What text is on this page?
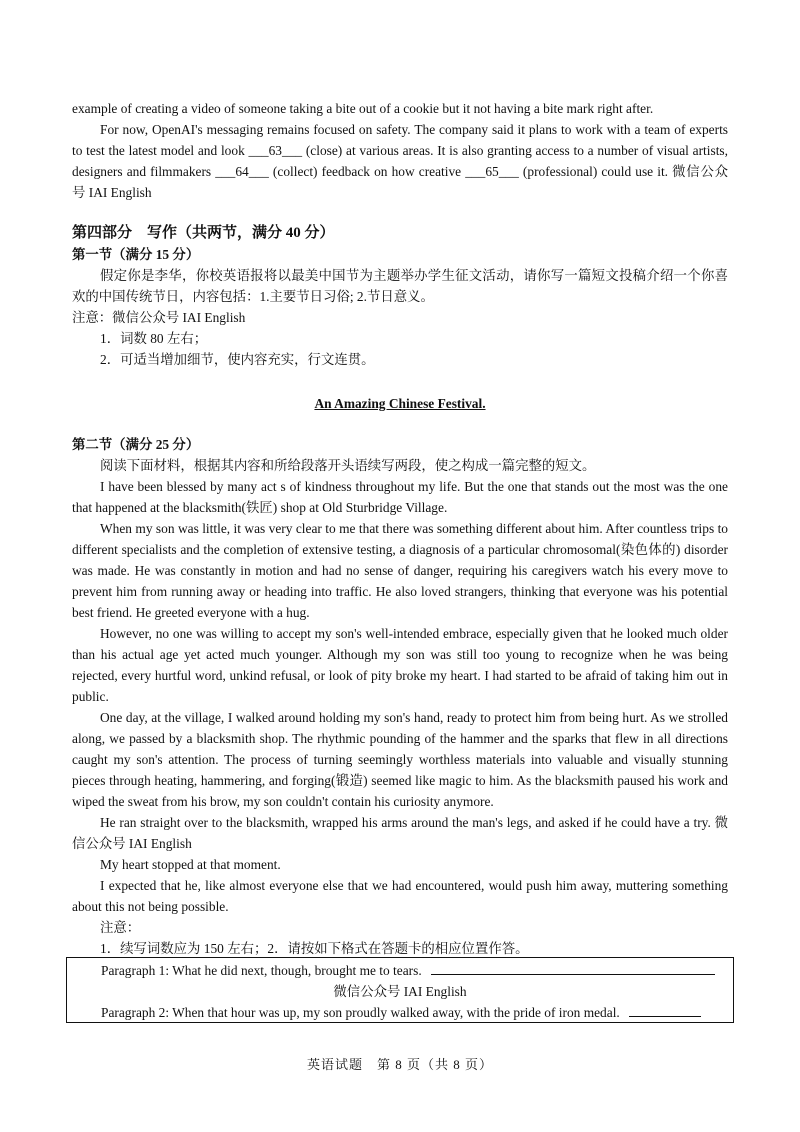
example of creating a video of someone taking a bite out of a cookie but it not having a bite mark right after.

For now, OpenAI's messaging remains focused on safety. The company said it plans to work with a team of experts to test the latest model and look ___63___ (close) at various areas. It is also granting access to a number of visual artists, designers and filmmakers ___64___ (collect) feedback on how creative ___65___ (professional) could use it. 微信公众号 IAI English

第四部分　写作（共两节，满分 40 分）

第一节（满分 15 分）

假定你是李华，你校英语报将以最美中国节为主题举办学生征文活动，请你写一篇短文投稿介绍一个你喜欢的中国传统节日，内容包括：1.主要节日习俗; 2.节日意义。

注意：微信公众号 IAI English

1．词数 80 左右；

2．可适当增加细节，使内容充实，行文连贯。

An Amazing Chinese Festival.

第二节（满分 25 分）

阅读下面材料，根据其内容和所给段落开头语续写两段，使之构成一篇完整的短文。

I have been blessed by many act s of kindness throughout my life. But the one that stands out the most was the one that happened at the blacksmith(铁匠) shop at Old Sturbridge Village.

When my son was little, it was very clear to me that there was something different about him. After countless trips to different specialists and the completion of extensive testing, a diagnosis of a particular chromosomal(染色体的) disorder was made. He was constantly in motion and had no sense of danger, requiring his caregivers watch his every move to prevent him from running away or heading into traffic. He also loved strangers, thinking that everyone was his potential best friend. He greeted everyone with a hug.

However, no one was willing to accept my son's well-intended embrace, especially given that he looked much older than his actual age yet acted much younger. Although my son was still too young to recognize when he was being rejected, every hurtful word, unkind refusal, or look of pity broke my heart. I had started to be afraid of taking him out in public.

One day, at the village, I walked around holding my son's hand, ready to protect him from being hurt. As we strolled along, we passed by a blacksmith shop. The rhythmic pounding of the hammer and the sparks that flew in all directions caught my son's attention. The process of turning seemingly worthless materials into valuable and visually stunning pieces through heating, hammering, and forging(锻造) seemed like magic to him. As the blacksmith paused his work and wiped the sweat from his brow, my son couldn't contain his curiosity anymore.

He ran straight over to the blacksmith, wrapped his arms around the man's legs, and asked if he could have a try. 微信公众号 IAI English

My heart stopped at that moment.

I expected that he, like almost everyone else that we had encountered, would push him away, muttering something about this not being possible.

注意：

1．续写词数应为 150 左右；2．请按如下格式在答题卡的相应位置作答。

Paragraph 1: What he did next, though, brought me to tears.
微信公众号 IAI English
Paragraph 2: When that hour was up, my son proudly walked away, with the pride of iron medal.
英语试题　第 8 页（共 8 页）
